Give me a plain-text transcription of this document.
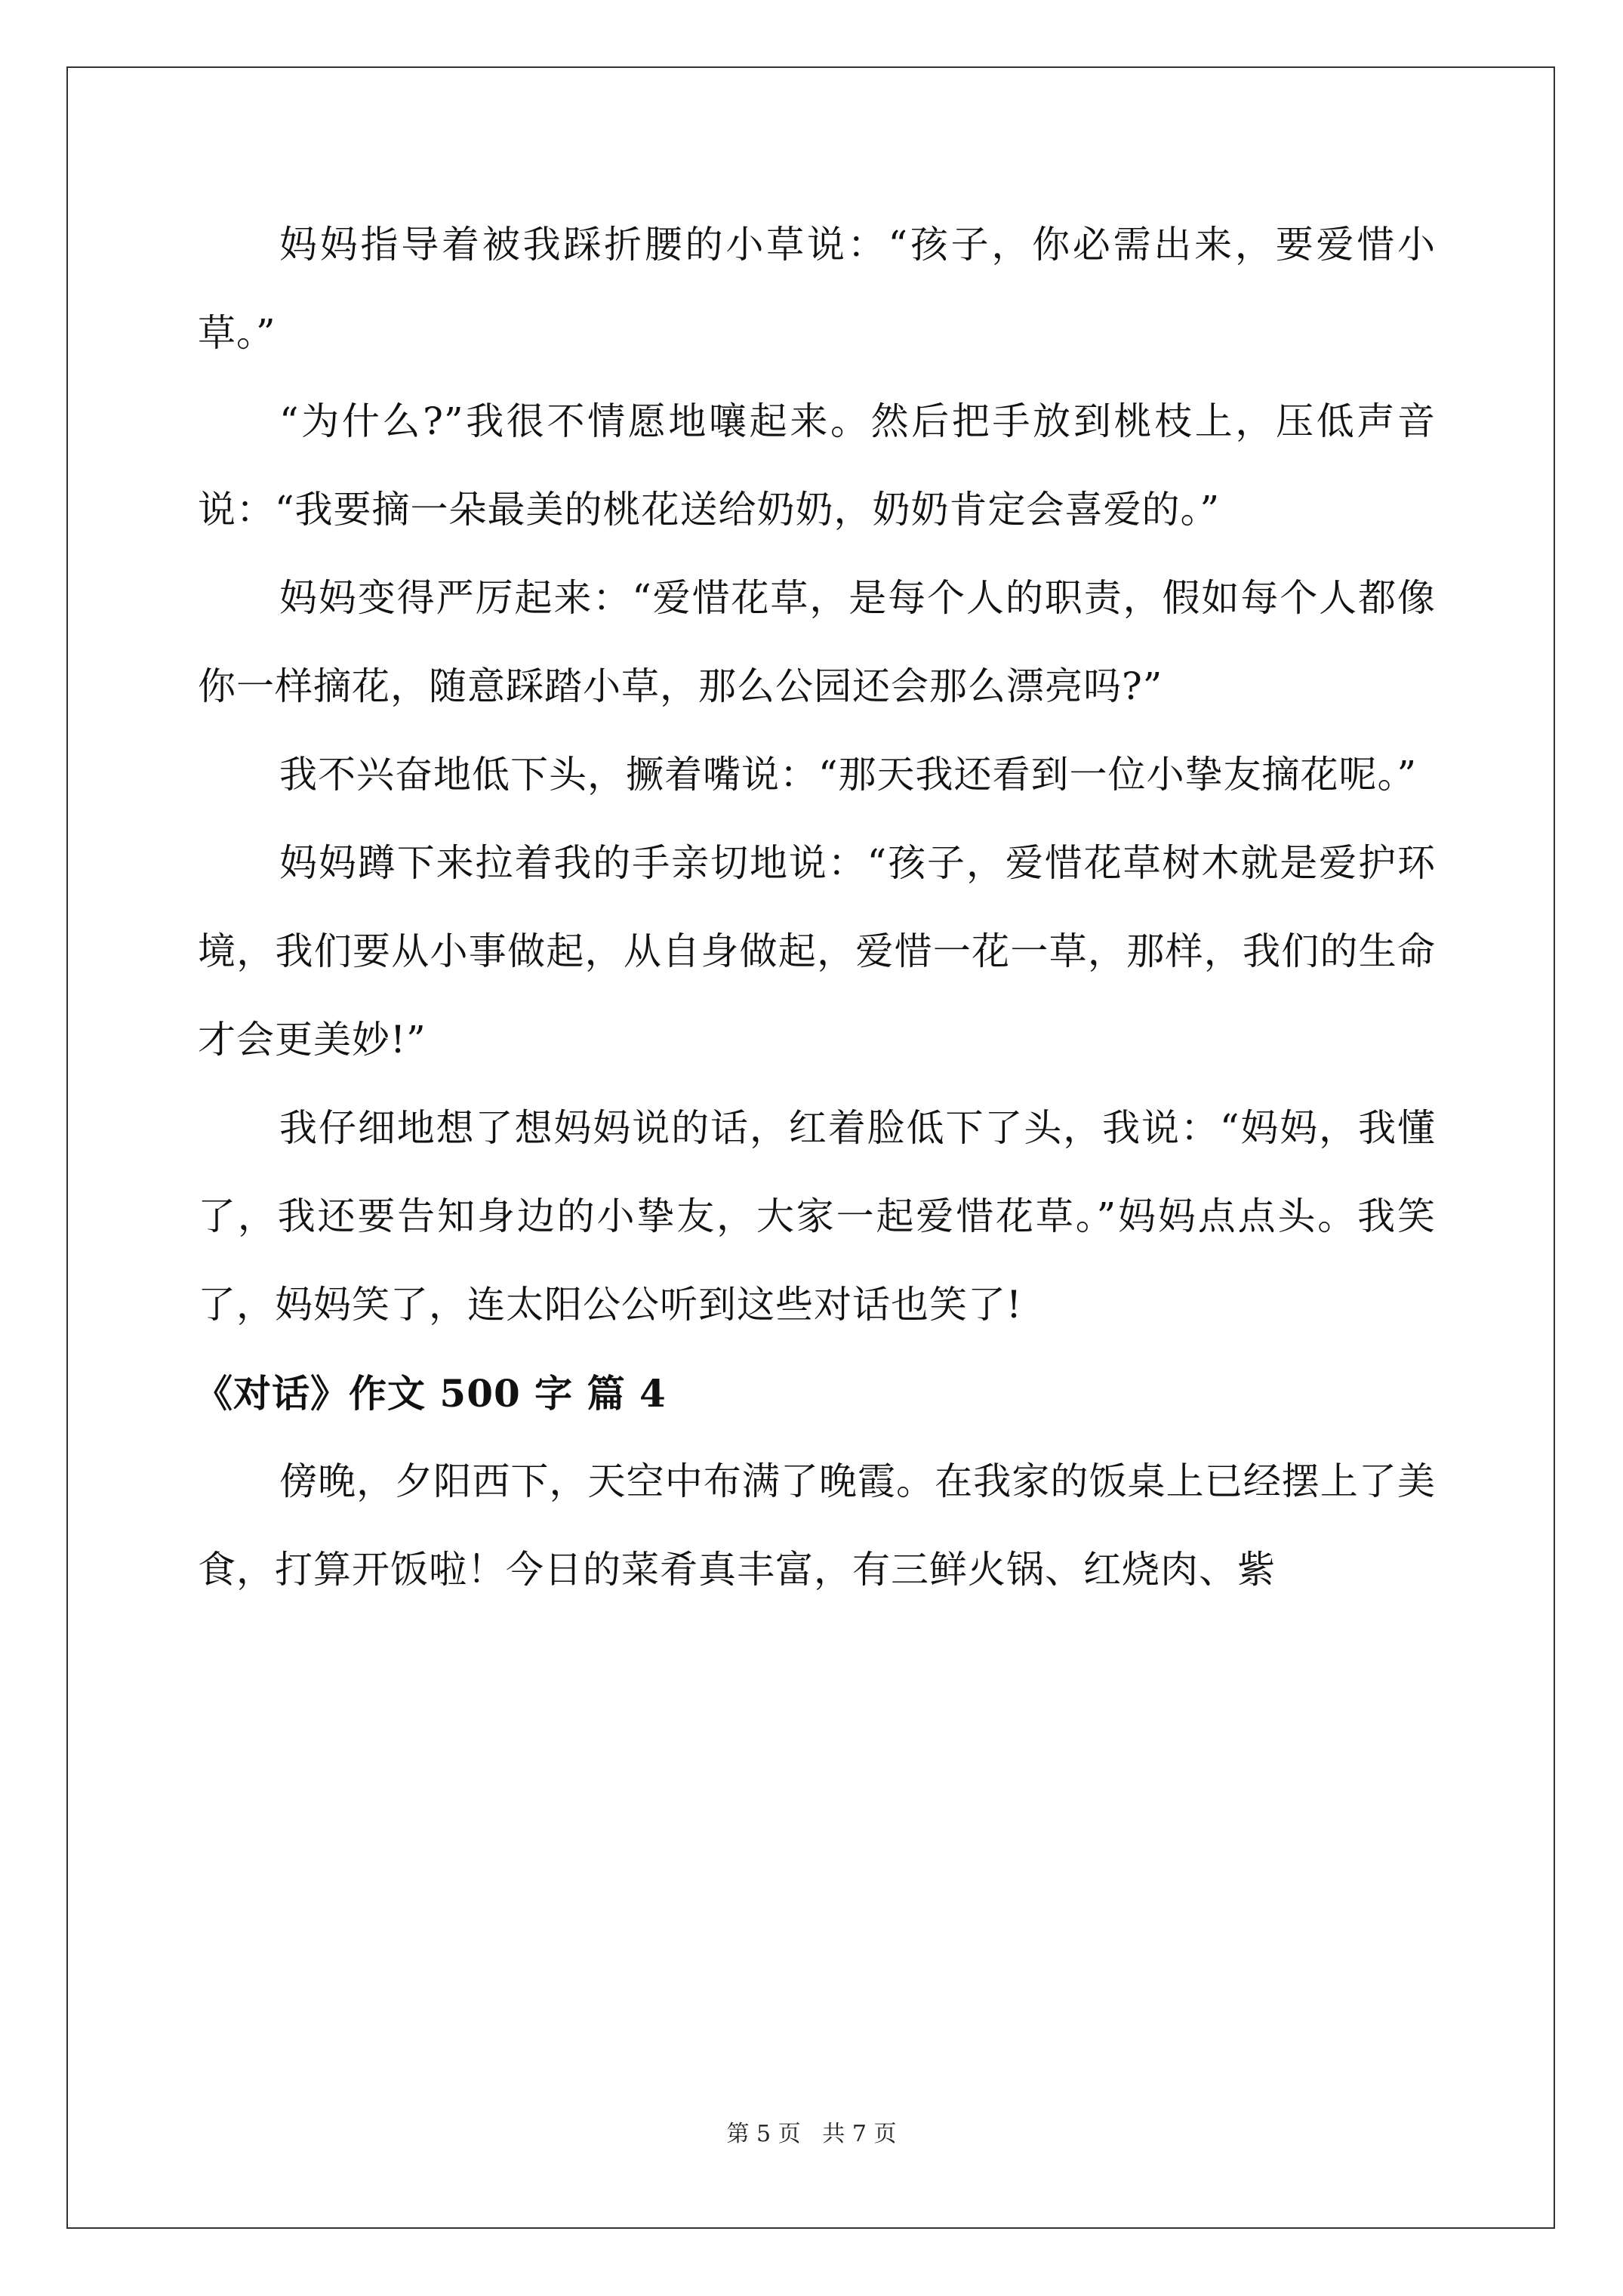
妈妈指导着被我踩折腰的小草说：“孩子，你必需出来，要爱惜小草。”

“为什么?”我很不情愿地嚷起来。然后把手放到桃枝上，压低声音说：“我要摘一朵最美的桃花送给奶奶，奶奶肯定会喜爱的。”

妈妈变得严厉起来：“爱惜花草，是每个人的职责，假如每个人都像你一样摘花，随意踩踏小草，那么公园还会那么漂亮吗?”

我不兴奋地低下头，撅着嘴说：“那天我还看到一位小挚友摘花呢。”

妈妈蹲下来拉着我的手亲切地说：“孩子，爱惜花草树木就是爱护环境，我们要从小事做起，从自身做起，爱惜一花一草，那样，我们的生命才会更美妙!”

我仔细地想了想妈妈说的话，红着脸低下了头，我说：“妈妈，我懂了，我还要告知身边的小挚友，大家一起爱惜花草。”妈妈点点头。我笑了，妈妈笑了，连太阳公公听到这些对话也笑了!

《对话》作文 500 字 篇 4

傍晚，夕阳西下，天空中布满了晚霞。在我家的饭桌上已经摆上了美食，打算开饭啦！今日的菜肴真丰富，有三鲜火锅、红烧肉、紫

第 5 页 共 7 页
